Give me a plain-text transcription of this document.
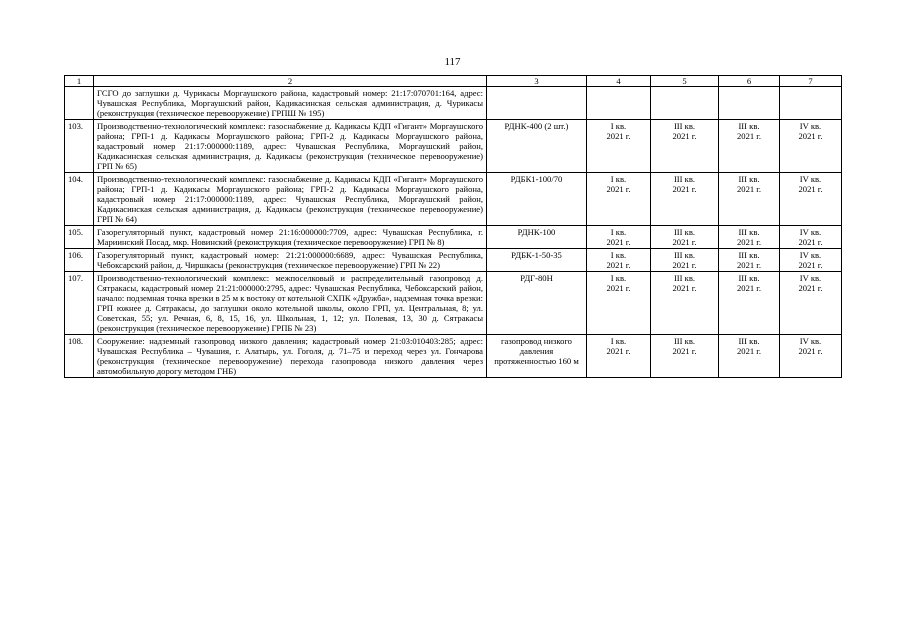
117
1	2	3	4	5	6	7
	ГСГО до заглушки д. Чурикасы Моргаушского района, кадастровый номер: 21:17:070701:164, адрес: Чувашская Республика, Моргаушский район, Кадикасинская сельская администрация, д. Чурикасы (реконструкция (техническое перевооружение) ГРПШ № 195)					
103.	Производственно-технологический комплекс: газоснабжение д. Кадикасы КДП «Гигант» Моргаушского района; ГРП-1 д. Кадикасы Моргаушского района; ГРП-2 д. Кадикасы Моргаушского района, кадастровый номер 21:17:000000:1189, адрес: Чувашская Республика, Моргаушский район, Кадикасинская сельская администрация, д. Кадикасы (реконструкция (техническое перевооружение) ГРП № 65)	РДНК-400 (2 шт.)	I кв.
2021 г.	III кв.
2021 г.	III кв.
2021 г.	IV кв.
2021 г.

104.	Производственно-технологический комплекс: газоснабжение д. Кадикасы КДП «Гигант» Моргаушского района; ГРП-1 д. Кадикасы Моргаушского района; ГРП-2 д. Кадикасы Моргаушского района, кадастровый номер 21:17:000000:1189, адрес: Чувашская Республика, Моргаушский район, Кадикасинская сельская администрация, д. Кадикасы (реконструкция (техническое перевооружение) ГРП № 64)	РДБК1-100/70	I кв.
2021 г.	III кв.
2021 г.	III кв.
2021 г.	IV кв.
2021 г.

105.	Газорегуляторный пункт, кадастровый номер 21:16:000000:7709, адрес: Чувашская Республика, г. Мариинский Посад, мкр. Новинский (реконструкция (техническое перевооружение) ГРП № 8)	РДНК-100	I кв.
2021 г.	III кв.
2021 г.	III кв.
2021 г.	IV кв.
2021 г.

106.	Газорегуляторный пункт, кадастровый номер: 21:21:000000:6689, адрес: Чувашская Республика, Чебоксарский район, д. Чиршкасы (реконструкция (техническое перевооружение) ГРП № 22)	РДБК-1-50-35	I кв.
2021 г.	III кв.
2021 г.	III кв.
2021 г.	IV кв.
2021 г.

107.	Производственно-технологический комплекс: межпоселковый и распределительный газопровод д. Сятракасы, кадастровый номер 21:21:000000:2795, адрес: Чувашская Республика, Чебоксарский район, начало: подземная точка врезки в 25 м к востоку от котельной СХПК «Дружба», надземная точка врезки: ГРП южнее д. Сятракасы, до заглушки около котельной школы, около ГРП, ул. Центральная, 8; ул. Советская, 55; ул. Речная, 6, 8, 15, 16, ул. Школьная, 1, 12; ул. Полевая, 13, 30 д. Сятракасы (реконструкция (техническое перевооружение) ГРПБ № 23)	РДГ-80Н	I кв.
2021 г.	III кв.
2021 г.	III кв.
2021 г.	IV кв.
2021 г.

108.	Сооружение: надземный газопровод низкого давления; кадастровый номер 21:03:010403:285; адрес: Чувашская Республика – Чувашия, г. Алатырь, ул. Гоголя, д. 71–75 и переход через ул. Гончарова (реконструкция (техническое перевооружение) перехода газопровода низкого давления через автомобильную дорогу методом ГНБ)	газопровод низкого давления протяженностью 160 м	I кв.
2021 г.	III кв.
2021 г.	III кв.
2021 г.	IV кв.
2021 г.
